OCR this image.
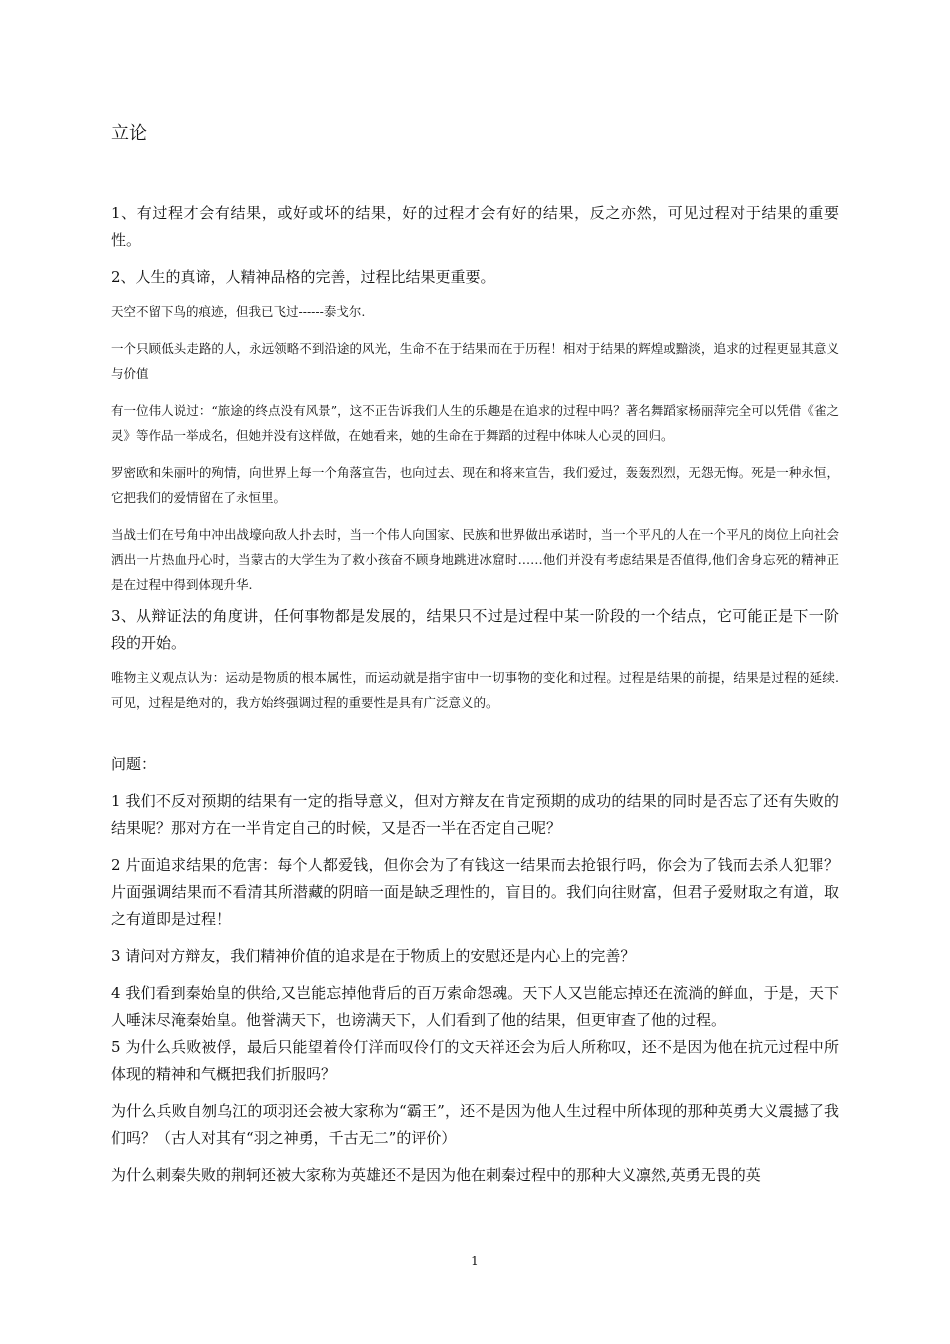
立论

1、有过程才会有结果，或好或坏的结果，好的过程才会有好的结果，反之亦然，可见过程对于结果的重要性。

2、人生的真谛，人精神品格的完善，过程比结果更重要。

天空不留下鸟的痕迹，但我已飞过------泰戈尔.

一个只顾低头走路的人，永远领略不到沿途的风光，生命不在于结果而在于历程！相对于结果的辉煌或黯淡，追求的过程更显其意义与价值

有一位伟人说过：“旅途的终点没有风景”，这不正告诉我们人生的乐趣是在追求的过程中吗？著名舞蹈家杨丽萍完全可以凭借《雀之灵》等作品一举成名，但她并没有这样做，在她看来，她的生命在于舞蹈的过程中体味人心灵的回归。

罗密欧和朱丽叶的殉情，向世界上每一个角落宣告，也向过去、现在和将来宣告，我们爱过，轰轰烈烈，无怨无悔。死是一种永恒，它把我们的爱情留在了永恒里。

当战士们在号角中冲出战壕向敌人扑去时，当一个伟人向国家、民族和世界做出承诺时，当一个平凡的人在一个平凡的岗位上向社会洒出一片热血丹心时，当蒙古的大学生为了救小孩奋不顾身地跳进冰窟时……他们并没有考虑结果是否值得,他们舍身忘死的精神正是在过程中得到体现升华.

3、从辩证法的角度讲，任何事物都是发展的，结果只不过是过程中某一阶段的一个结点，它可能正是下一阶段的开始。

唯物主义观点认为：运动是物质的根本属性，而运动就是指宇宙中一切事物的变化和过程。过程是结果的前提，结果是过程的延续.可见，过程是绝对的，我方始终强调过程的重要性是具有广泛意义的。

问题：

1 我们不反对预期的结果有一定的指导意义，但对方辩友在肯定预期的成功的结果的同时是否忘了还有失败的结果呢？那对方在一半肯定自己的时候，又是否一半在否定自己呢？

2 片面追求结果的危害：每个人都爱钱，但你会为了有钱这一结果而去抢银行吗，你会为了钱而去杀人犯罪？片面强调结果而不看清其所潜藏的阴暗一面是缺乏理性的，盲目的。我们向往财富，但君子爱财取之有道，取之有道即是过程！

3 请问对方辩友，我们精神价值的追求是在于物质上的安慰还是内心上的完善？

4 我们看到秦始皇的供给,又岂能忘掉他背后的百万索命怨魂。天下人又岂能忘掉还在流淌的鲜血，于是，天下人唾沫尽淹秦始皇。他誉满天下，也谤满天下，人们看到了他的结果，但更审查了他的过程。

5 为什么兵败被俘，最后只能望着伶仃洋而叹伶仃的文天祥还会为后人所称叹，还不是因为他在抗元过程中所体现的精神和气概把我们折服吗？

为什么兵败自刎乌江的项羽还会被大家称为“霸王”，还不是因为他人生过程中所体现的那种英勇大义震撼了我们吗？（古人对其有“羽之神勇，千古无二”的评价）

为什么刺秦失败的荆轲还被大家称为英雄还不是因为他在刺秦过程中的那种大义凛然,英勇无畏的英

1
